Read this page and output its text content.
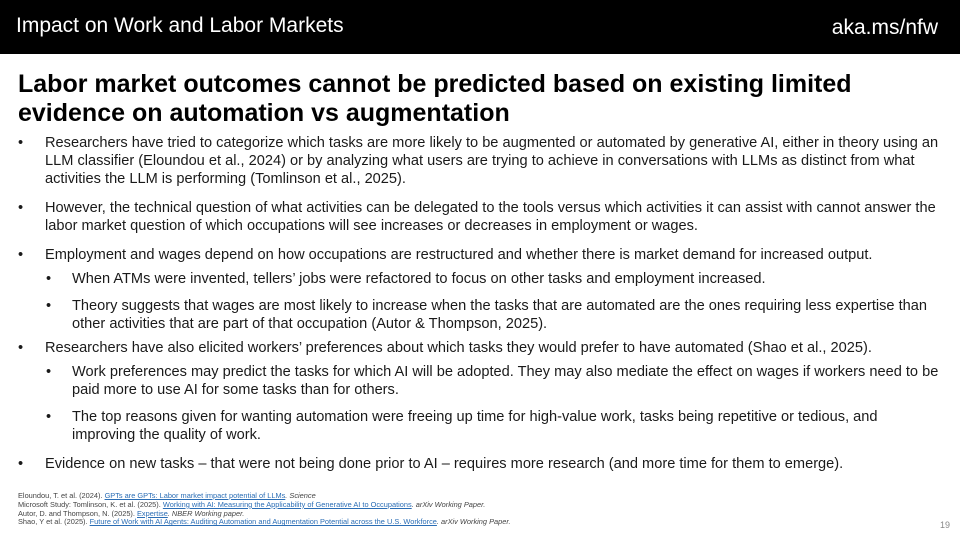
Impact on Work and Labor Markets	aka.ms/nfw
Labor market outcomes cannot be predicted based on existing limited evidence on automation vs augmentation
• Researchers have tried to categorize which tasks are more likely to be augmented or automated by generative AI, either in theory using an LLM classifier (Eloundou et al., 2024) or by analyzing what users are trying to achieve in conversations with LLMs as distinct from what activities the LLM is performing (Tomlinson et al., 2025).
• However, the technical question of what activities can be delegated to the tools versus which activities it can assist with cannot answer the labor market question of which occupations will see increases or decreases in employment or wages.
• Employment and wages depend on how occupations are restructured and whether there is market demand for increased output.
• When ATMs were invented, tellers’ jobs were refactored to focus on other tasks and employment increased.
• Theory suggests that wages are most likely to increase when the tasks that are automated are the ones requiring less expertise than other activities that are part of that occupation (Autor & Thompson, 2025).
• Researchers have also elicited workers’ preferences about which tasks they would prefer to have automated (Shao et al., 2025).
• Work preferences may predict the tasks for which AI will be adopted. They may also mediate the effect on wages if workers need to be paid more to use AI for some tasks than for others.
• The top reasons given for wanting automation were freeing up time for high-value work, tasks being repetitive or tedious, and improving the quality of work.
• Evidence on new tasks – that were not being done prior to AI – requires more research (and more time for them to emerge).
Eloundou, T. et al. (2024). GPTs are GPTs: Labor market impact potential of LLMs. Science
Microsoft Study: Tomlinson, K. et al. (2025). Working with AI: Measuring the Applicability of Generative AI to Occupations. arXiv Working Paper.
Autor, D. and Thompson, N. (2025). Expertise. NBER Working paper.
Shao, Y et al. (2025). Future of Work with AI Agents: Auditing Automation and Augmentation Potential across the U.S. Workforce. arXiv Working Paper.	19
